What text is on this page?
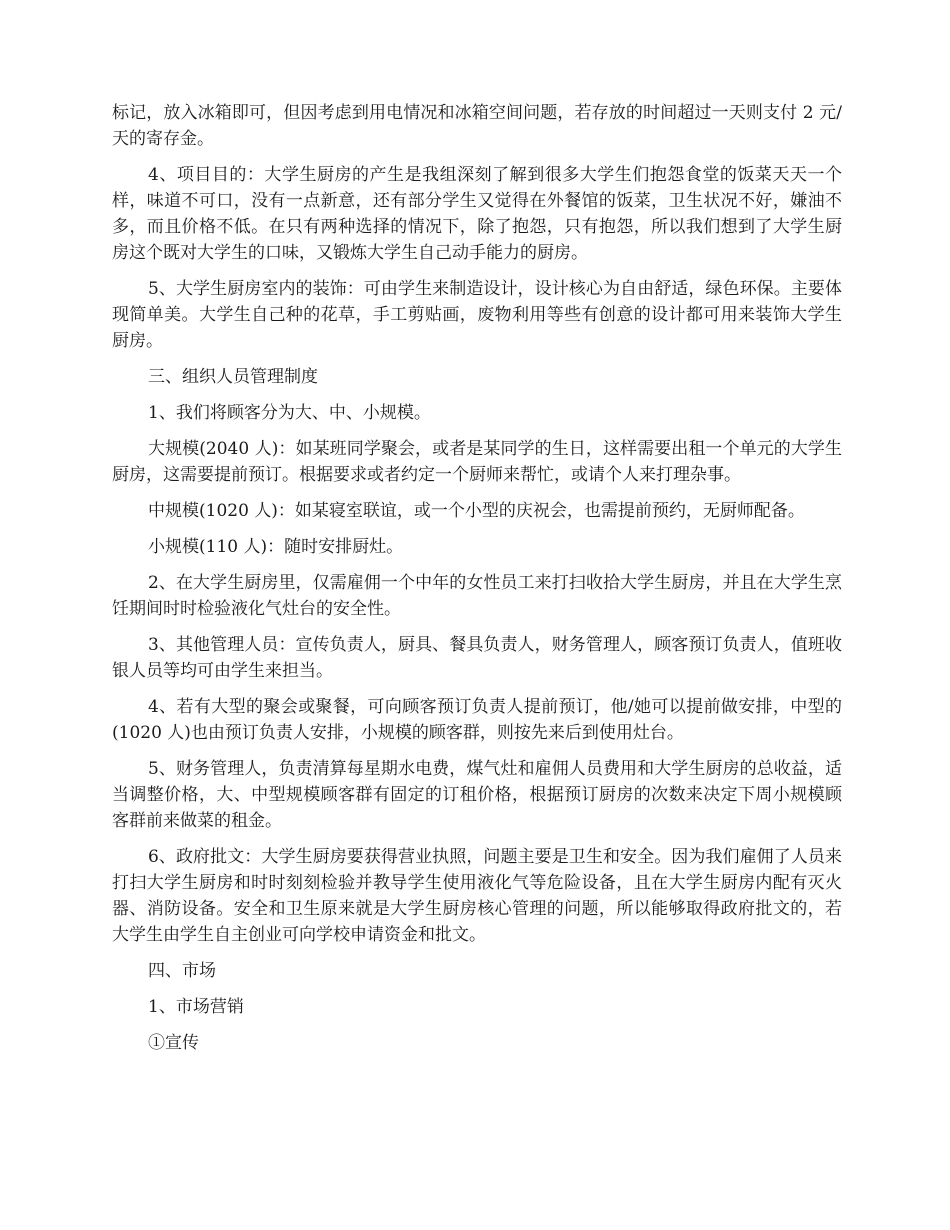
标记，放入冰箱即可，但因考虑到用电情况和冰箱空间问题，若存放的时间超过一天则支付 2 元/天的寄存金。

4、项目目的：大学生厨房的产生是我组深刻了解到很多大学生们抱怨食堂的饭菜天天一个样，味道不可口，没有一点新意，还有部分学生又觉得在外餐馆的饭菜，卫生状况不好，嫌油不多，而且价格不低。在只有两种选择的情况下，除了抱怨，只有抱怨，所以我们想到了大学生厨房这个既对大学生的口味，又锻炼大学生自己动手能力的厨房。

5、大学生厨房室内的装饰：可由学生来制造设计，设计核心为自由舒适，绿色环保。主要体现简单美。大学生自己种的花草，手工剪贴画，废物利用等些有创意的设计都可用来装饰大学生厨房。

三、组织人员管理制度

1、我们将顾客分为大、中、小规模。

大规模(2040 人)：如某班同学聚会，或者是某同学的生日，这样需要出租一个单元的大学生厨房，这需要提前预订。根据要求或者约定一个厨师来帮忙，或请个人来打理杂事。

中规模(1020 人)：如某寝室联谊，或一个小型的庆祝会，也需提前预约，无厨师配备。

小规模(110 人)：随时安排厨灶。

2、在大学生厨房里，仅需雇佣一个中年的女性员工来打扫收拾大学生厨房，并且在大学生烹饪期间时时检验液化气灶台的安全性。

3、其他管理人员：宣传负责人，厨具、餐具负责人，财务管理人，顾客预订负责人，值班收银人员等均可由学生来担当。

4、若有大型的聚会或聚餐，可向顾客预订负责人提前预订，他/她可以提前做安排，中型的(1020 人)也由预订负责人安排，小规模的顾客群，则按先来后到使用灶台。

5、财务管理人，负责清算每星期水电费，煤气灶和雇佣人员费用和大学生厨房的总收益，适当调整价格，大、中型规模顾客群有固定的订租价格，根据预订厨房的次数来决定下周小规模顾客群前来做菜的租金。

6、政府批文：大学生厨房要获得营业执照，问题主要是卫生和安全。因为我们雇佣了人员来打扫大学生厨房和时时刻刻检验并教导学生使用液化气等危险设备，且在大学生厨房内配有灭火器、消防设备。安全和卫生原来就是大学生厨房核心管理的问题，所以能够取得政府批文的，若大学生由学生自主创业可向学校申请资金和批文。

四、市场

1、市场营销

①宣传
